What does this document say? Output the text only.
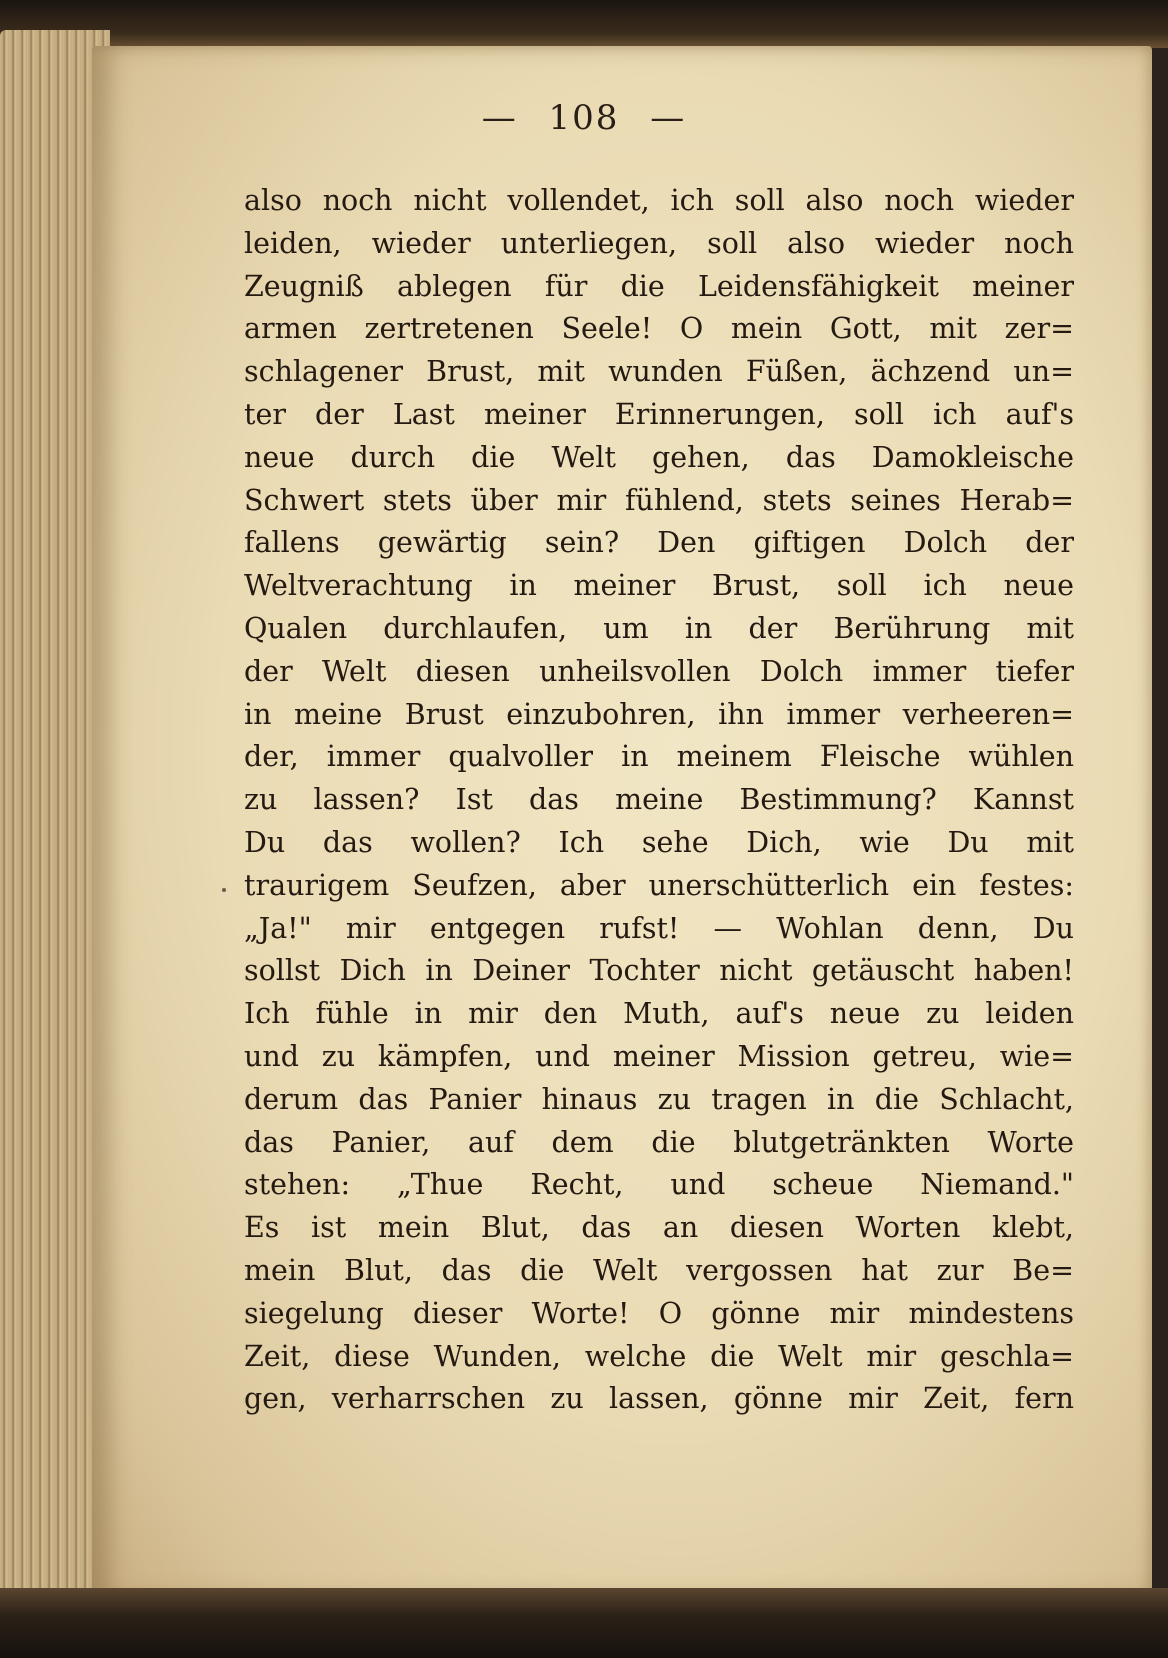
— 108 —
also noch nicht vollendet, ich soll also noch wieder
leiden, wieder unterliegen, soll also wieder noch
Zeugniß ablegen für die Leidensfähigkeit meiner
armen zertretenen Seele! O mein Gott, mit zer=
schlagener Brust, mit wunden Füßen, ächzend un=
ter der Last meiner Erinnerungen, soll ich auf's
neue durch die Welt gehen, das Damokleische
Schwert stets über mir fühlend, stets seines Herab=
fallens gewärtig sein? Den giftigen Dolch der
Weltverachtung in meiner Brust, soll ich neue
Qualen durchlaufen, um in der Berührung mit
der Welt diesen unheilsvollen Dolch immer tiefer
in meine Brust einzubohren, ihn immer verheeren=
der, immer qualvoller in meinem Fleische wühlen
zu lassen? Ist das meine Bestimmung? Kannst
Du das wollen? Ich sehe Dich, wie Du mit
traurigem Seufzen, aber unerschütterlich ein festes:
„Ja!" mir entgegen rufst! — Wohlan denn, Du
sollst Dich in Deiner Tochter nicht getäuscht haben!
Ich fühle in mir den Muth, auf's neue zu leiden
und zu kämpfen, und meiner Mission getreu, wie=
derum das Panier hinaus zu tragen in die Schlacht,
das Panier, auf dem die blutgetränkten Worte
stehen: „Thue Recht, und scheue Niemand."
Es ist mein Blut, das an diesen Worten klebt,
mein Blut, das die Welt vergossen hat zur Be=
siegelung dieser Worte! O gönne mir mindestens
Zeit, diese Wunden, welche die Welt mir geschla=
gen, verharrschen zu lassen, gönne mir Zeit, fern
